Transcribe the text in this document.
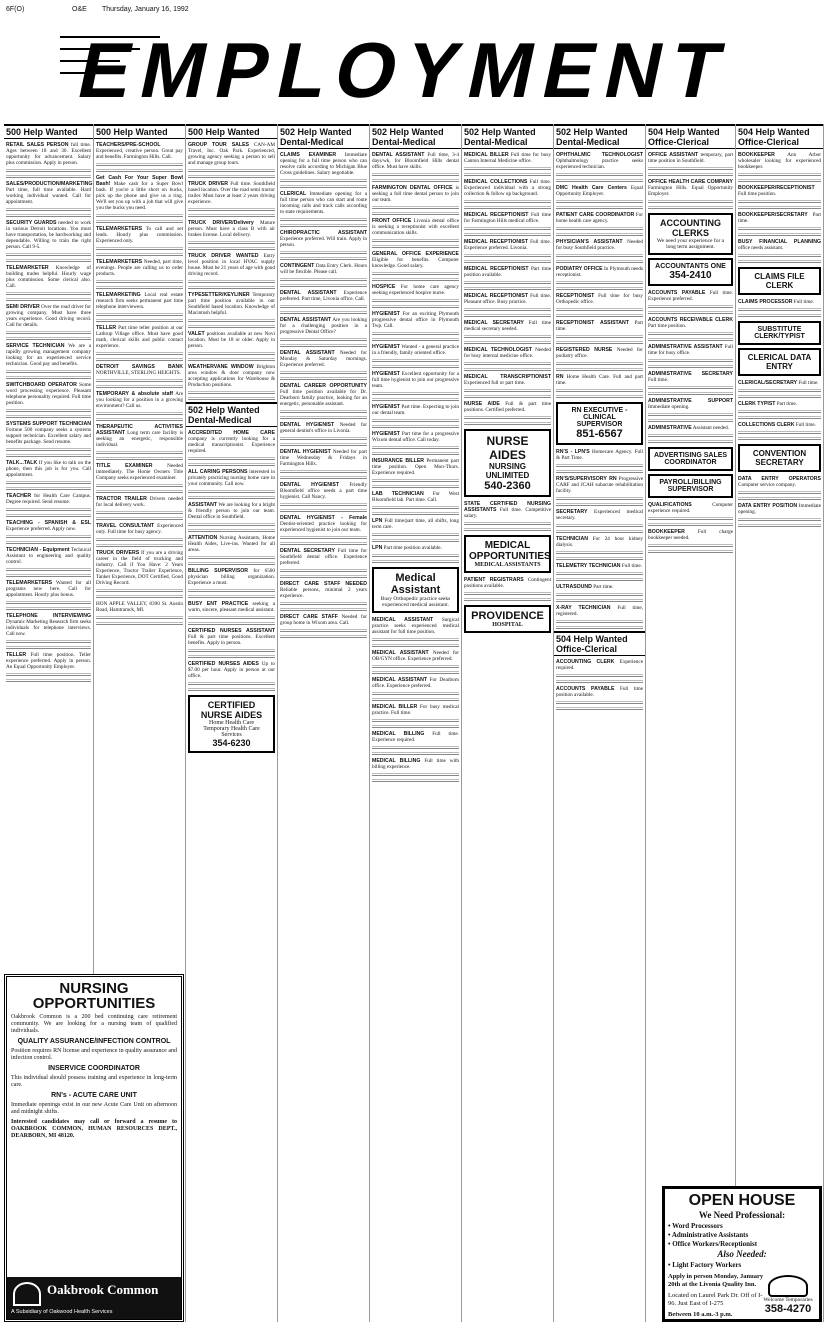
6F(O)	O&E Thursday, January 16, 1992
EMPLOYMENT
500 Help Wanted
RETAIL SALES PERSON full time. Ages between 18 and 30. Excellent opportunity for advancement. Salary plus commission. Apply in person.
SALES/PRODUCTION/MARKETING Part time, full time available. Hard working individual wanted. Call for appointment.
SECURITY GUARDS needed to work in various Detroit locations. You must have transportation, be hardworking and dependable. Willing to train the right person. Call 9-5.
TELEMARKETER Knowledge of building trades helpful. Hourly wage plus commission. Some clerical also. Call.
SEMI DRIVER Over the road driver for growing company. Must have three years experience. Good driving record. Call for details.
SERVICE TECHNICIAN We are a rapidly growing management company looking for an experienced service technician. Good pay and benefits.
SWITCHBOARD OPERATOR Some word processing experience. Pleasant telephone personality required. Full time position.
SYSTEMS SUPPORT TECHNICIAN Fortune 500 company seeks a systems support technician. Excellent salary and benefits package. Send resume.
TALK...TALK If you like to talk on the phone, then this job is for you. Call appointment.
TEACHER for Health Care Campus. Degree required. Send resume.
TEACHING - SPANISH & ESL Experience preferred. Apply now.
TECHNICIAN - Equipment Technical Assistant to engineering and quality control.
TELEMARKETERS Wanted for all programs new here. Call for appointment. Hourly plus bonus.
TELEPHONE INTERVIEWING Dynamic Marketing Research firm seeks individuals for telephone interviews. Call now.
TELLER Full time position. Teller experience preferred. Apply in person. An Equal Opportunity Employer.
500 Help Wanted
TEACHERS/PRE-SCHOOL Experienced, creative person. Great pay and benefits. Farmington Hills. Call.
Get Cash For Your Super Bowl Bash! Make cash for a Super Bowl bash. If you're a little short on bucks, pick up the phone and give us a ring. We'll set you up with a job that will give you the bucks you need.
TELEMARKETERS To call and set leads. Hourly plus commission. Experienced only.
TELEMARKETERS Needed, part time, evenings. People are calling us to order products.
TELEMARKETING Local real estate research firm seeks permanent part time telephone interviewers.
TELLER Part time teller position at our Lathrup Village office. Must have good math, clerical skills and public contact experience.
DETROIT SAVINGS BANK NORTHVILLE, STERLING HEIGHTS.
TEMPORARY & absolute staff Are you looking for a position in a growing environment? Call us.
THERAPEUTIC ACTIVITIES ASSISTANT Long term care facility is seeking an energetic, responsible individual.
TITLE EXAMINER	Needed immediately. The Home Owners Title Company seeks experienced examiner.
TRACTOR TRAILER Drivers needed for local delivery work.
TRAVEL CONSULTANT Experienced only. Full time for busy agency.
TRUCK DRIVERS If you are a driving career in the field of trucking and industry. Call if You Have: 2 Years Experience, Tractor Trailer Experience, Tanker Experience, DOT Certified, Good Driving Record.
HON APPLE VALLEY, 8390 St. Austin Road, Hamtramck, MI.
500 Help Wanted
GROUP TOUR SALES CAN-AM Travel, Inc. Oak Park. Experienced, growing agency seeking a person to sell and manage group tours.
TRUCK DRIVER Full time. Southfield based location. Over the road semi tractor trailer. Must have at least 2 years driving experience.
TRUCK DRIVER/Delivery Mature person. Must have a class B with air brakes license. Local delivery.
TRUCK DRIVER WANTED Entry level position in local HVAC supply house. Must be 21 years of age with good driving record.
TYPESETTER/KEYLINER Temporary part time position available in our Southfield based location. Knowledge of Macintosh helpful.
VALET positions available at new Novi location. Must be 18 or older. Apply in person.
WEATHERVANE WINDOW Brighton area window & door company now accepting applications for Warehouse & Production positions.
502 Help Wanted Dental-Medical
ACCREDITED HOME CARE company is currently looking for a medical transcriptionist. Experience required.
ALL CARING PERSONS interested in privately practicing nursing home care in your community. Call now.
ASSISTANT We are looking for a bright & friendly person to join our team. Dental office in Southfield.
ATTENTION Nursing Assistants, Home Health Aides, Live-ins. Wanted for all areas.
BILLING SUPERVISOR for 6500 physician billing organization. Experience a must.
BUSY ENT PRACTICE seeking a warm, sincere, pleasant medical assistant.
CERTIFIED NURSES ASSISTANT Full & part time positions. Excellent benefits. Apply in person.
CERTIFIED NURSES AIDES Up to $7.00 per hour. Apply in person at our office.
CERTIFIED NURSE AIDES
Home Health Care
Temporary Health Care Services
354-6230
502 Help Wanted Dental-Medical
CLAIMS EXAMINER Immediate opening for a full time person who can resolve calls according to Michigan Blue Cross guidelines. Salary negotiable.
CLERICAL Immediate opening for a full time person who can start and route incoming calls and track calls according to state requirements.
CHIROPRACTIC ASSISTANT Experience preferred. Will train. Apply in person.
CONTINGENT Data Entry Clerk. Hours will be flexible. Please call.
DENTAL ASSISTANT Experience preferred. Part time, Livonia office. Call.
DENTAL ASSISTANT Are you looking for a challenging position in a progressive Dental Office?
DENTAL ASSISTANT Needed for Monday & Saturday mornings. Experience preferred.
DENTAL CAREER OPPORTUNITY Full time position available for Dr. Dearborn family practice, looking for an energetic, personable assistant.
DENTAL HYGIENIST Needed for general dentist's office in Livonia.
DENTAL HYGIENIST Needed for part time Wednesday & Fridays in Farmington Hills.
DENTAL HYGIENIST Friendly Bloomfield office needs a part time hygienist. Call Nancy.
DENTAL HYGIENIST - Female Dentist-oriented practice looking for experienced hygienist to join our team.
DENTAL SECRETARY Full time for Southfield dental office. Experience preferred.
DIRECT CARE STAFF NEEDED Reliable persons, minimal 2 years experience.
DIRECT CARE STAFF Needed for group home in Wixom area. Call.
502 Help Wanted Dental-Medical
DENTAL ASSISTANT Full time, 3-4 days/wk, for Bloomfield Hills dental office. Must have skills.
FARMINGTON DENTAL OFFICE is seeking a full time dental person to join our team.
FRONT OFFICE Livonia dental office is seeking a receptionist with excellent communication skills.
GENERAL OFFICE EXPERIENCE Eligible for benefits. Computer knowledge. Good salary.
HOSPICE For home care agency seeking experienced hospice nurse.
HYGIENIST For an exciting Plymouth progressive dental office in Plymouth Twp. Call.
HYGIENIST Wanted - a general practice in a friendly, family oriented office.
HYGIENIST Excellent opportunity for a full time hygienist to join our progressive team.
HYGIENIST Part time. Expecting to join our dental team.
HYGIENIST Part time for a progressive Wixom dental office. Call today.
INSURANCE BILLER Permanent part time position. Open Mon-Thurs. Experience required.
LAB TECHNICIAN For West Bloomfield lab. Part time. Call.
LPN Full time/part time, all shifts, long term care.
LPN Part time position available.
Medical Assistant
Busy Orthopedic practice seeks experienced medical assistant.
MEDICAL ASSISTANT Surgical practice seeks experienced medical assistant for full time position.
MEDICAL ASSISTANT Needed for OB/GYN office. Experience preferred.
MEDICAL ASSISTANT For Dearborn office. Experience preferred.
MEDICAL BILLER For busy medical practice. Full time.
MEDICAL BILLING Full time. Experience required.
MEDICAL BILLING Full time with billing experience.
502 Help Wanted Dental-Medical
MEDICAL BILLER Full time for busy Canton Internal Medicine office.
MEDICAL COLLECTIONS Full time. Experienced individual with a strong collection & follow up background.
MEDICAL RECEPTIONIST Full time for Farmington Hills medical office.
MEDICAL RECEPTIONIST Full time. Experience preferred. Livonia.
MEDICAL RECEPTIONIST Part time position available.
MEDICAL RECEPTIONIST Full time. Pleasant office. Busy practice.
MEDICAL SECRETARY Full time medical secretary needed.
MEDICAL TECHNOLOGIST Needed for busy internal medicine office.
MEDICAL TRANSCRIPTIONIST Experienced full or part time.
NURSE AIDE Full & part time positions. Certified preferred.
NURSE AIDES
NURSING UNLIMITED
540-2360
STATE CERTIFIED NURSING ASSISTANTS Full time. Competitive salary.
MEDICAL OPPORTUNITIES
MEDICAL ASSISTANTS
PATIENT REGISTRARS Contingent positions available.
PROVIDENCE
HOSPITAL
502 Help Wanted Dental-Medical
OPHTHALMIC TECHNOLOGIST Ophthalmology practice seeks experienced technician.
DMC Health Care Centers Equal Opportunity Employer.
PATIENT CARE COORDINATOR For home health care agency.
PHYSICIAN'S ASSISTANT Needed for busy Southfield practice.
PODIATRY OFFICE In Plymouth needs receptionist.
RECEPTIONIST Full time for busy Orthopedic office.
RECEPTIONIST ASSISTANT Part time.
REGISTERED NURSE Needed for podiatry office.
RN Home Health Care. Full and part time.
RN EXECUTIVE - CLINICAL SUPERVISOR
851-6567
RN'S - LPN'S Homecare Agency. Full & Part Time.
RN'S/SUPERVISORY RN Progressive CARF and JCAH subacute rehabilitation facility.
SECRETARY Experienced medical secretary.
TECHNICIAN For 24 hour kidney dialysis.
TELEMETRY TECHNICIAN Full time.
ULTRASOUND Part time.
X-RAY TECHNICIAN Full time, registered.
504 Help Wanted Office-Clerical
ACCOUNTING CLERK Experience required.
ACCOUNTS PAYABLE Full time position available.
504 Help Wanted Office-Clerical
OFFICE ASSISTANT temporary, part time position in Southfield.
OFFICE HEALTH CARE COMPANY Farmington Hills. Equal Opportunity Employer.
ACCOUNTING CLERKS
We need your experience for a long term assignment.
ACCOUNTANTS ONE
354-2410
ACCOUNTS PAYABLE Full time. Experience preferred.
ACCOUNTS RECEIVABLE CLERK Part time position.
ADMINISTRATIVE ASSISTANT Full time for busy office.
ADMINISTRATIVE SECRETARY Full time.
ADMINISTRATIVE SUPPORT Immediate opening.
ADMINISTRATIVE Assistant needed.
ADVERTISING SALES COORDINATOR
PAYROLL/BILLING SUPERVISOR
QUALIFICATIONS	Computer experience required.
BOOKKEEPER	Full charge bookkeeper needed.
504 Help Wanted Office-Clerical
BOOKKEEPER Ann Arbor wholesaler looking for experienced bookkeeper.
BOOKKEEPER/RECEPTIONIST Full time position.
BOOKKEEPER/SECRETARY Part time.
BUSY FINANCIAL PLANNING office needs assistant.
CLAIMS FILE CLERK
CLAIMS PROCESSOR Full time.
SUBSTITUTE CLERK/TYPIST
CLERICAL DATA ENTRY
CLERICAL/SECRETARY Full time.
CLERK TYPIST Part time.
COLLECTIONS CLERK Full time.
CONVENTION SECRETARY
DATA ENTRY OPERATORS Computer service company.
DATA ENTRY POSITION Immediate opening.
NURSING OPPORTUNITIES
Oakbrook Common is a 200 bed continuing care retirement community. We are looking for a nursing team of qualified individuals.
QUALITY ASSURANCE/INFECTION CONTROL
Position requires RN license and experience in quality assurance and infection control.
INSERVICE COORDINATOR
This individual should possess training and experience in long-term care.
RN's - ACUTE CARE UNIT
Immediate openings exist in our new Acute Care Unit on afternoon and midnight shifts.
Interested candidates may call or forward a resume to OAKBROOK COMMON, HUMAN RESOURCES DEPT., DEARBORN, MI 48120.
Oakbrook Common
A Subsidiary of Oakwood Health Services
OPEN HOUSE
We Need Professional:
• Word Processors
• Administrative Assistants
• Office Workers/Receptionist
Also Needed:
• Light Factory Workers
Apply in person Monday, January 20th at the Livonia Quality Inn.
Located on Laurel Park Dr. Off of I-96. Just East of I-275
Between 10 a.m.-3 p.m.
Welcome Temporaries
358-4270
